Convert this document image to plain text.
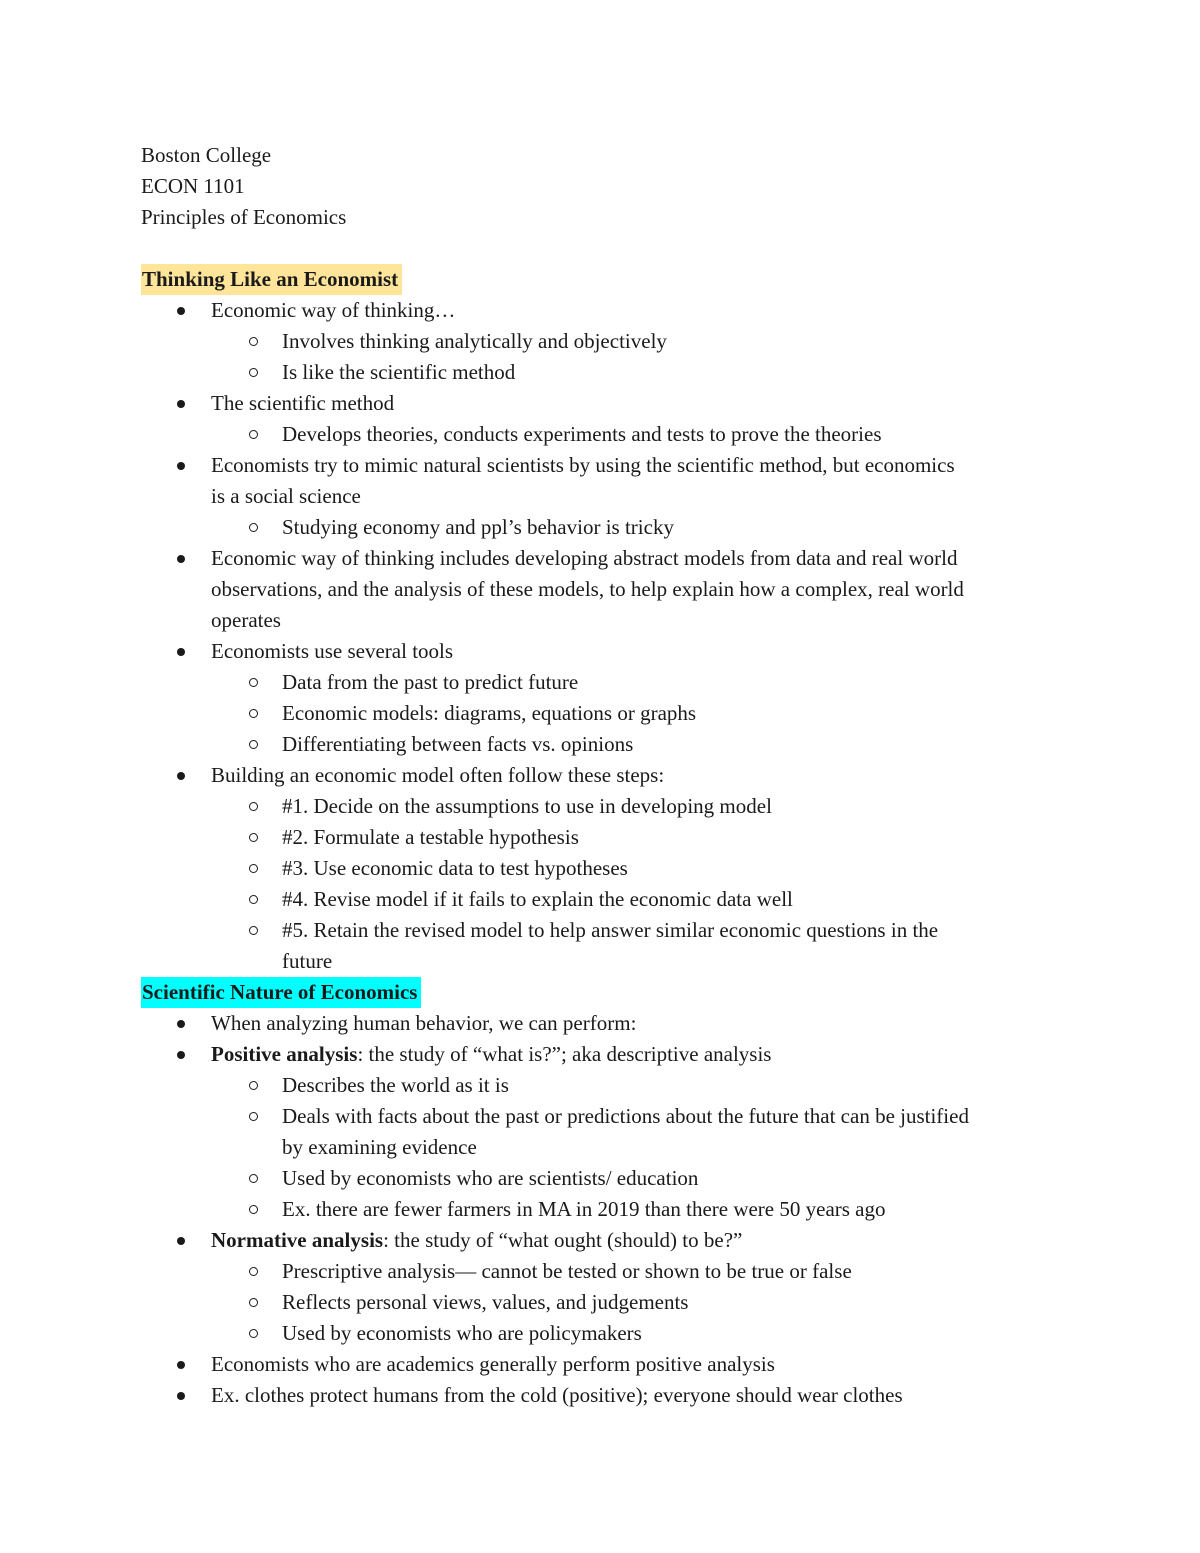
Boston College
ECON 1101
Principles of Economics
Thinking Like an Economist
Economic way of thinking…
Involves thinking analytically and objectively
Is like the scientific method
The scientific method
Develops theories, conducts experiments and tests to prove the theories
Economists try to mimic natural scientists by using the scientific method, but economics
is a social science
Studying economy and ppl’s behavior is tricky
Economic way of thinking includes developing abstract models from data and real world
observations, and the analysis of these models, to help explain how a complex, real world
operates
Economists use several tools
Data from the past to predict future
Economic models: diagrams, equations or graphs
Differentiating between facts vs. opinions
Building an economic model often follow these steps:
#1. Decide on the assumptions to use in developing model
#2. Formulate a testable hypothesis
#3. Use economic data to test hypotheses
#4. Revise model if it fails to explain the economic data well
#5. Retain the revised model to help answer similar economic questions in the
future
Scientific Nature of Economics
When analyzing human behavior, we can perform:
Positive analysis: the study of “what is?”; aka descriptive analysis
Describes the world as it is
Deals with facts about the past or predictions about the future that can be justified
by examining evidence
Used by economists who are scientists/ education
Ex. there are fewer farmers in MA in 2019 than there were 50 years ago
Normative analysis: the study of “what ought (should) to be?”
Prescriptive analysis— cannot be tested or shown to be true or false
Reflects personal views, values, and judgements
Used by economists who are policymakers
Economists who are academics generally perform positive analysis
Ex. clothes protect humans from the cold (positive); everyone should wear clothes
